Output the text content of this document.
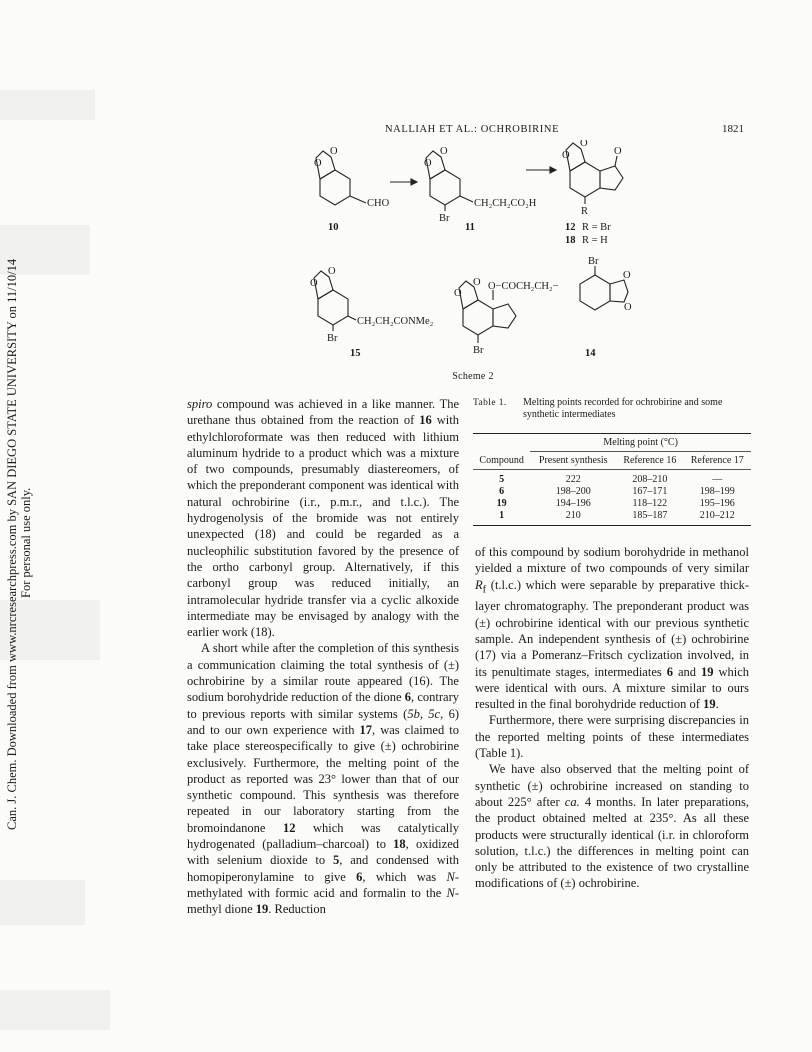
Can. J. Chem. Downloaded from www.nrcresearchpress.com by SAN DIEGO STATE UNIVERSITY on 11/10/14 For personal use only.
NALLIAH ET AL.: OCHROBIRINE	1821
O
O
CHO
O
O
CH₂CH₂CO₂H
Br
O
O	O
R
O
O
CH₂CH₂CONMe₂
Br
O
O
O−COCH₂CH₂−
Br
Br
O
O
10	11	12
18
15	14
R = Br
R = H
Scheme 2

spiro compound was achieved in a like manner. The urethane thus obtained from the reaction of 16 with ethylchloroformate was then reduced with lithium aluminum hydride to a product which was a mixture of two compounds, presumably diastereomers, of which the preponderant component was identical with natural ochrobirine (i.r., p.m.r., and t.l.c.). The hydrogenolysis of the bromide was not entirely unexpected (18) and could be regarded as a nucleophilic substitution favored by the presence of the ortho carbonyl group. Alternatively, if this carbonyl group was reduced initially, an intramolecular hydride transfer via a cyclic alkoxide intermediate may be envisaged by analogy with the earlier work (18).

A short while after the completion of this synthesis a communication claiming the total synthesis of (±) ochrobirine by a similar route appeared (16). The sodium borohydride reduction of the dione 6, contrary to previous reports with similar systems (5b, 5c, 6) and to our own experience with 17, was claimed to take place stereospecifically to give (±) ochrobirine exclusively. Furthermore, the melting point of the product as reported was 23° lower than that of our synthetic compound. This synthesis was therefore repeated in our laboratory starting from the bromoindanone 12 which was catalytically hydrogenated (palladium–charcoal) to 18, oxidized with selenium dioxide to 5, and condensed with homopiperonylamine to give 6, which was N-methylated with formic acid and formalin to the N-methyl dione 19. Reduction

Table 1.	Melting points recorded for ochrobirine and some synthetic intermediates
	Melting point (°C)		
Compound	Present synthesis	Reference 16	Reference 17
5	222	208–210	—
6	198–200	167–171	198–199
19	194–196	118–122	195–196
1	210	185–187	210–212

of this compound by sodium borohydride in methanol yielded a mixture of two compounds of very similar $R_f$ (t.l.c.) which were separable by preparative thick-layer chromatography. The preponderant product was (±) ochrobirine identical with our previous synthetic sample. An independent synthesis of (±) ochrobirine (17) via a Pomeranz–Fritsch cyclization involved, in its penultimate stages, intermediates 6 and 19 which were identical with ours. A mixture similar to ours resulted in the final borohydride reduction of 19.

Furthermore, there were surprising discrepancies in the reported melting points of these intermediates (Table 1).

We have also observed that the melting point of synthetic (±) ochrobirine increased on standing to about 225° after ca. 4 months. In later preparations, the product obtained melted at 235°. As all these products were structurally identical (i.r. in chloroform solution, t.l.c.) the differences in melting point can only be attributed to the existence of two crystalline modifications of (±) ochrobirine.
